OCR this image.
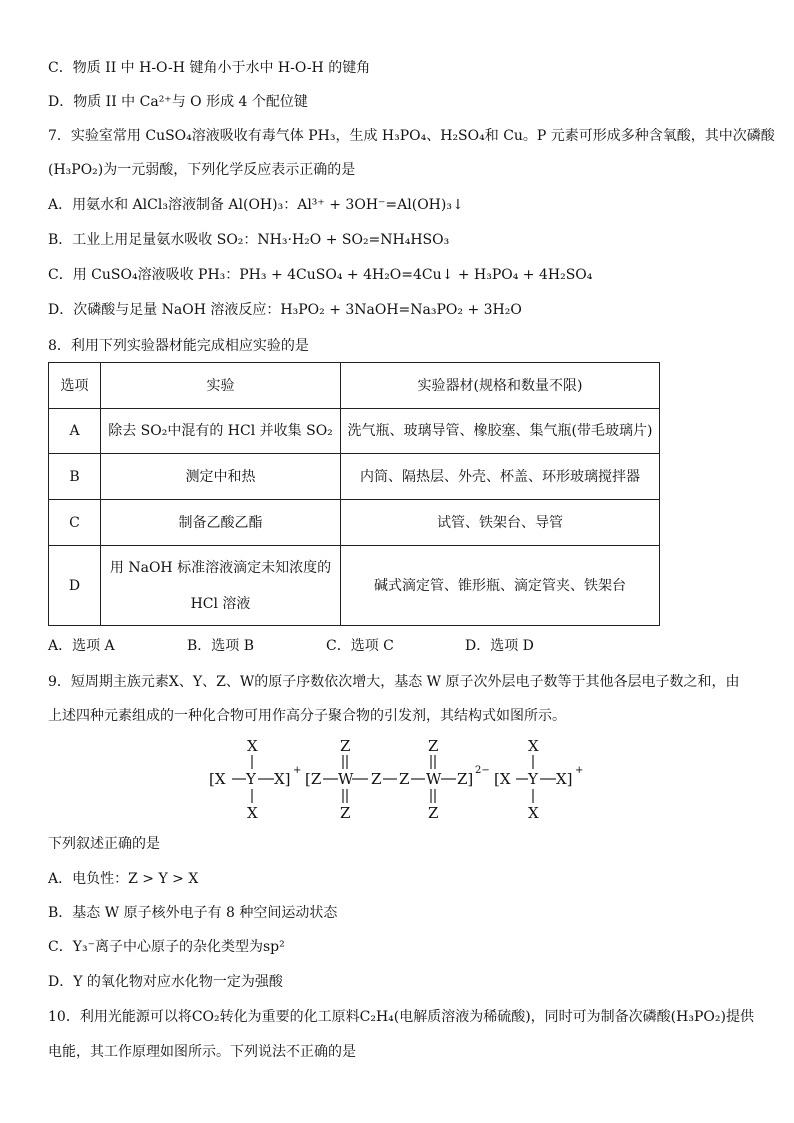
C．物质 II 中 H-O-H 键角小于水中 H-O-H 的键角
D．物质 II 中 Ca²⁺与 O 形成 4 个配位键
7．实验室常用 CuSO₄溶液吸收有毒气体 PH₃，生成 H₃PO₄、H₂SO₄和 Cu。P 元素可形成多种含氧酸，其中次磷酸
(H₃PO₂)为一元弱酸，下列化学反应表示正确的是
A．用氨水和 AlCl₃溶液制备 Al(OH)₃：Al³⁺ + 3OH⁻=Al(OH)₃↓
B．工业上用足量氨水吸收 SO₂：NH₃·H₂O + SO₂=NH₄HSO₃
C．用 CuSO₄溶液吸收 PH₃：PH₃ + 4CuSO₄ + 4H₂O=4Cu↓ + H₃PO₄ + 4H₂SO₄
D．次磷酸与足量 NaOH 溶液反应：H₃PO₂ + 3NaOH=Na₃PO₂ + 3H₂O
8．利用下列实验器材能完成相应实验的是
选项	实验	实验器材(规格和数量不限)
A	除去 SO₂中混有的 HCl 并收集 SO₂	洗气瓶、玻璃导管、橡胶塞、集气瓶(带毛玻璃片)
B	测定中和热	内筒、隔热层、外壳、杯盖、环形玻璃搅拌器
C	制备乙酸乙酯	试管、铁架台、导管
D	用 NaOH 标准溶液滴定未知浓度的
HCl 溶液	碱式滴定管、锥形瓶、滴定管夹、铁架台
A．选项 A	B．选项 B	C．选项 C	D．选项 D
9．短周期主族元素X、Y、Z、W的原子序数依次增大，基态 W 原子次外层电子数等于其他各层电子数之和，由
上述四种元素组成的一种化合物可用作高分子聚合物的引发剂，其结构式如图所示。
X
[X Y X] +
X
Z
[Z W Z Z W Z] 2−
Z
Z
Z
X
[X Y X] +
X
下列叙述正确的是
A．电负性：Z > Y > X
B．基态 W 原子核外电子有 8 种空间运动状态
C．Y₃⁻离子中心原子的杂化类型为sp²
D．Y 的氧化物对应水化物一定为强酸
10．利用光能源可以将CO₂转化为重要的化工原料C₂H₄(电解质溶液为稀硫酸)，同时可为制备次磷酸(H₃PO₂)提供
电能，其工作原理如图所示。下列说法不正确的是
